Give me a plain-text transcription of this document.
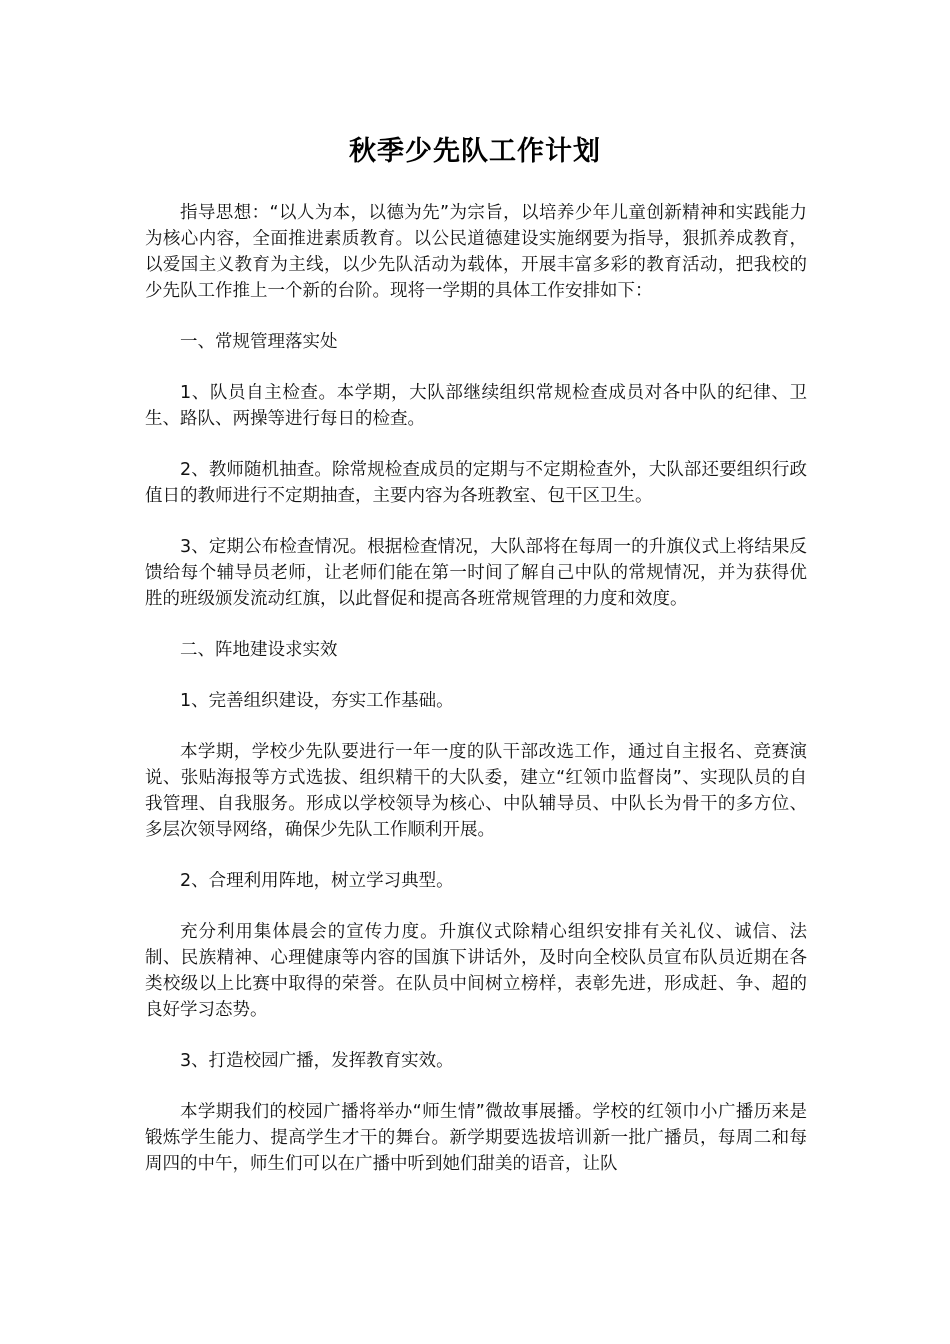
秋季少先队工作计划

指导思想：“以人为本，以德为先”为宗旨，以培养少年儿童创新精神和实践能力为核心内容，全面推进素质教育。以公民道德建设实施纲要为指导，狠抓养成教育，以爱国主义教育为主线，以少先队活动为载体，开展丰富多彩的教育活动，把我校的少先队工作推上一个新的台阶。现将一学期的具体工作安排如下：

一、常规管理落实处

1、队员自主检查。本学期，大队部继续组织常规检查成员对各中队的纪律、卫生、路队、两操等进行每日的检查。

2、教师随机抽查。除常规检查成员的定期与不定期检查外，大队部还要组织行政值日的教师进行不定期抽查，主要内容为各班教室、包干区卫生。

3、定期公布检查情况。根据检查情况，大队部将在每周一的升旗仪式上将结果反馈给每个辅导员老师，让老师们能在第一时间了解自己中队的常规情况，并为获得优胜的班级颁发流动红旗，以此督促和提高各班常规管理的力度和效度。

二、阵地建设求实效

1、完善组织建设，夯实工作基础。

本学期，学校少先队要进行一年一度的队干部改选工作，通过自主报名、竞赛演说、张贴海报等方式选拔、组织精干的大队委，建立“红领巾监督岗”、实现队员的自我管理、自我服务。形成以学校领导为核心、中队辅导员、中队长为骨干的多方位、多层次领导网络，确保少先队工作顺利开展。

2、合理利用阵地，树立学习典型。

充分利用集体晨会的宣传力度。升旗仪式除精心组织安排有关礼仪、诚信、法制、民族精神、心理健康等内容的国旗下讲话外，及时向全校队员宣布队员近期在各类校级以上比赛中取得的荣誉。在队员中间树立榜样，表彰先进，形成赶、争、超的良好学习态势。

3、打造校园广播，发挥教育实效。

本学期我们的校园广播将举办“师生情”微故事展播。学校的红领巾小广播历来是锻炼学生能力、提高学生才干的舞台。新学期要选拔培训新一批广播员，每周二和每周四的中午，师生们可以在广播中听到她们甜美的语音，让队
